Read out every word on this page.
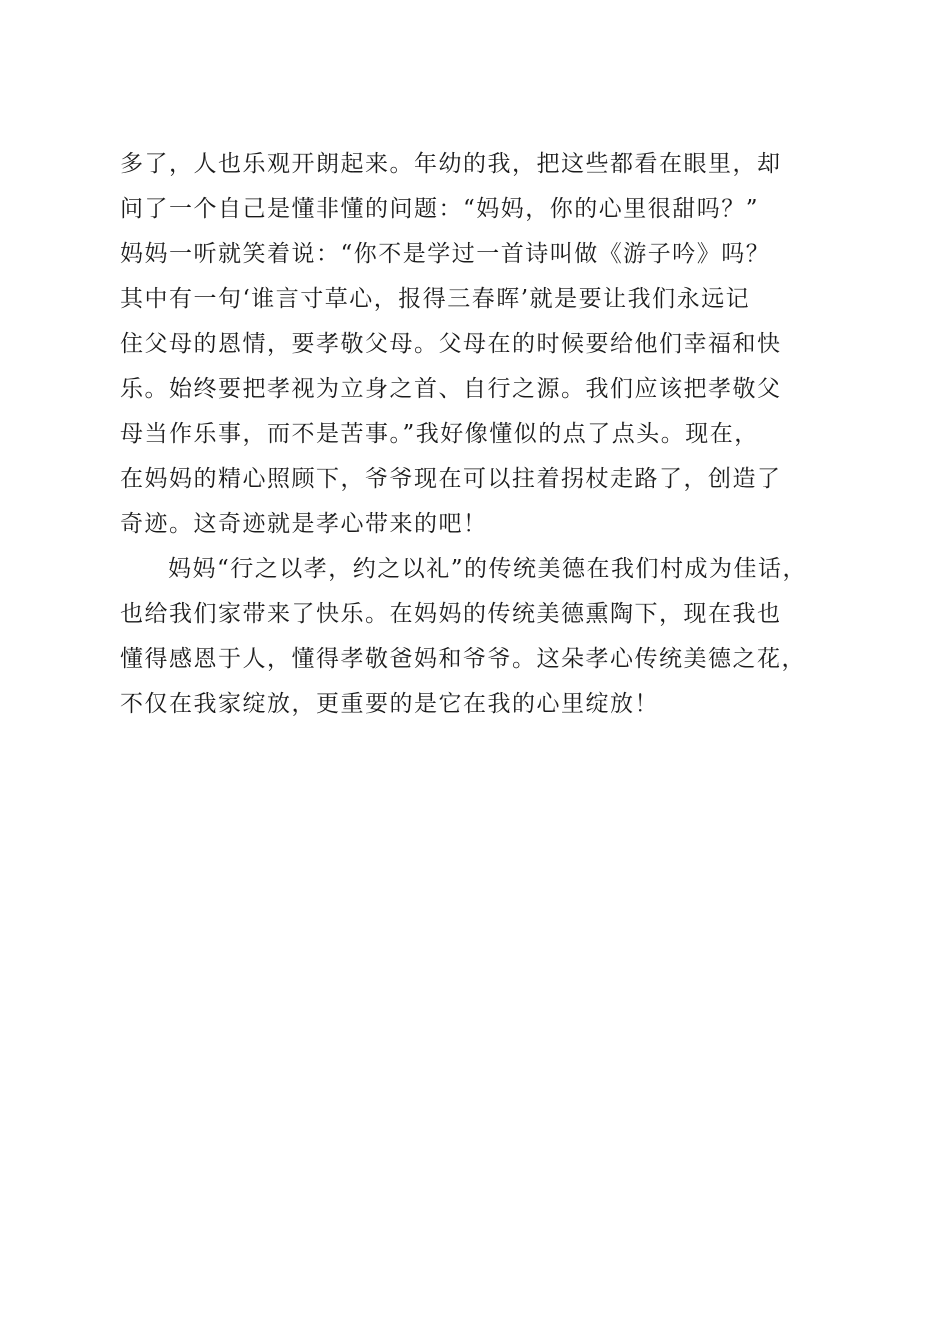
多了，人也乐观开朗起来。年幼的我，把这些都看在眼里，却
问了一个自己是懂非懂的问题：“妈妈，你的心里很甜吗？”
妈妈一听就笑着说：“你不是学过一首诗叫做《游子吟》吗？
其中有一句‘谁言寸草心，报得三春晖’就是要让我们永远记
住父母的恩情，要孝敬父母。父母在的时候要给他们幸福和快
乐。始终要把孝视为立身之首、自行之源。我们应该把孝敬父
母当作乐事，而不是苦事。”我好像懂似的点了点头。现在，
在妈妈的精心照顾下，爷爷现在可以拄着拐杖走路了，创造了
奇迹。这奇迹就是孝心带来的吧！
妈妈“行之以孝，约之以礼”的传统美德在我们村成为佳话，
也给我们家带来了快乐。在妈妈的传统美德熏陶下，现在我也
懂得感恩于人，懂得孝敬爸妈和爷爷。这朵孝心传统美德之花，
不仅在我家绽放，更重要的是它在我的心里绽放！
